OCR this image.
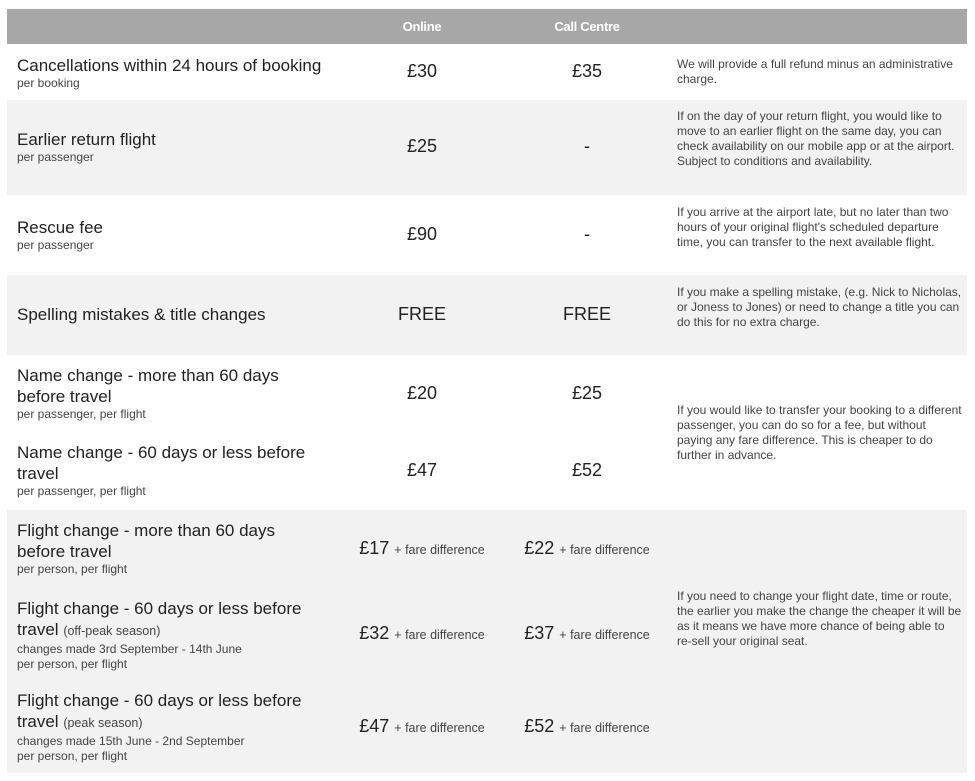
Online	Call Centre
Cancellations within 24 hours of booking
per booking
£30	£35	We will provide a full refund minus an administrative charge.
Earlier return flight
per passenger
£25	-
If on the day of your return flight, you would like to move to an earlier flight on the same day, you can check availability on our mobile app or at the airport. Subject to conditions and availability.
Rescue fee
per passenger
£90	-
If you arrive at the airport late, but no later than two hours of your original flight's scheduled departure time, you can transfer to the next available flight.
Spelling mistakes & title changes	FREE	FREE
If you make a spelling mistake, (e.g. Nick to Nicholas, or Joness to Jones) or need to change a title you can do this for no extra charge.
Name change - more than 60 days
before travel
per passenger, per flight
£20	£25
Name change - 60 days or less before
travel
per passenger, per flight
£47	£52
If you would like to transfer your booking to a different passenger, you can do so for a fee, but without paying any fare difference. This is cheaper to do further in advance.
Flight change - more than 60 days
before travel
per person, per flight
£17 + fare difference	£22 + fare difference
Flight change - 60 days or less before
travel (off-peak season)
changes made 3rd September - 14th June
per person, per flight
£32 + fare difference	£37 + fare difference
Flight change - 60 days or less before
travel (peak season)
changes made 15th June - 2nd September
per person, per flight
£47 + fare difference	£52 + fare difference
If you need to change your flight date, time or route, the earlier you make the change the cheaper it will be as it means we have more chance of being able to re-sell your original seat.
